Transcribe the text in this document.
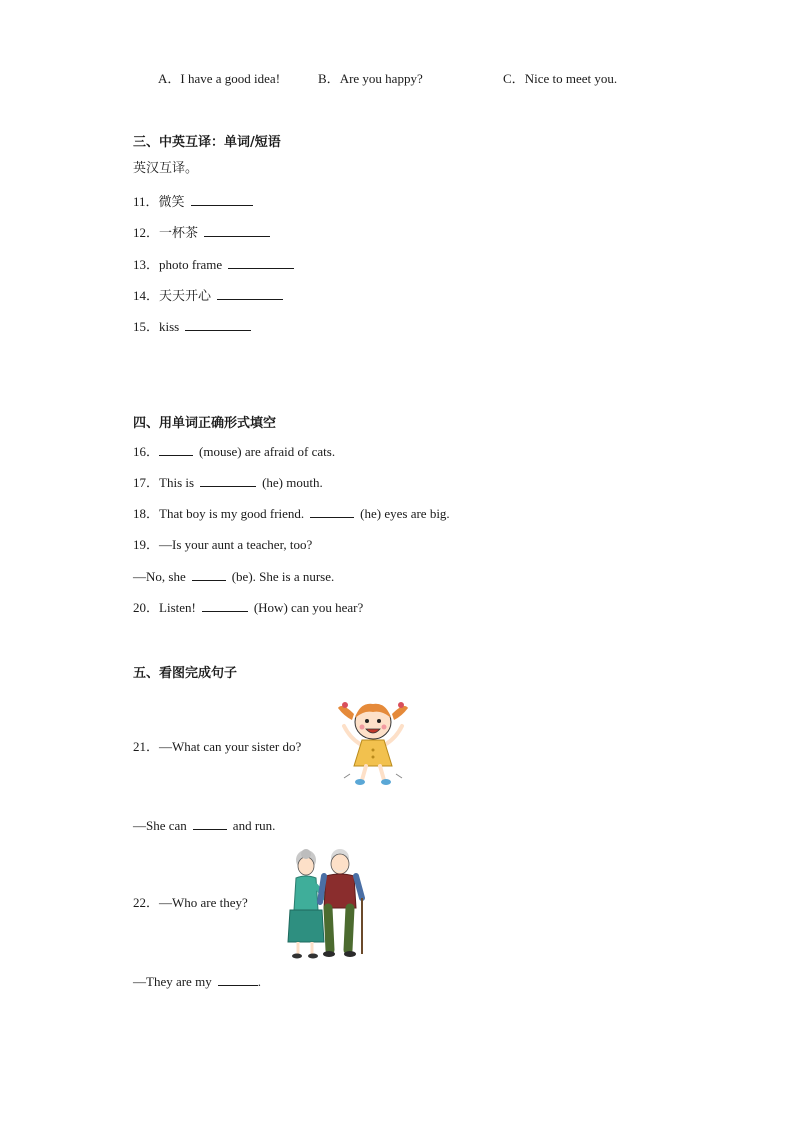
A．I have a good idea!	B．Are you happy?	C．Nice to meet you.
三、中英互译：单词/短语
英汉互译。
11．微笑
12．一杯茶
13．photo frame
14．天天开心
15．kiss
四、用单词正确形式填空
16．	(mouse) are afraid of cats.
17．This is	(he) mouth.
18．That boy is my good friend.	(he) eyes are big.
19．—Is your aunt a teacher, too?
—No, she	(be). She is a nurse.
20．Listen!	(How) can you hear?
五、看图完成句子
21．—What can your sister do?
—She can	and run.
22．—Who are they?
—They are my	.
